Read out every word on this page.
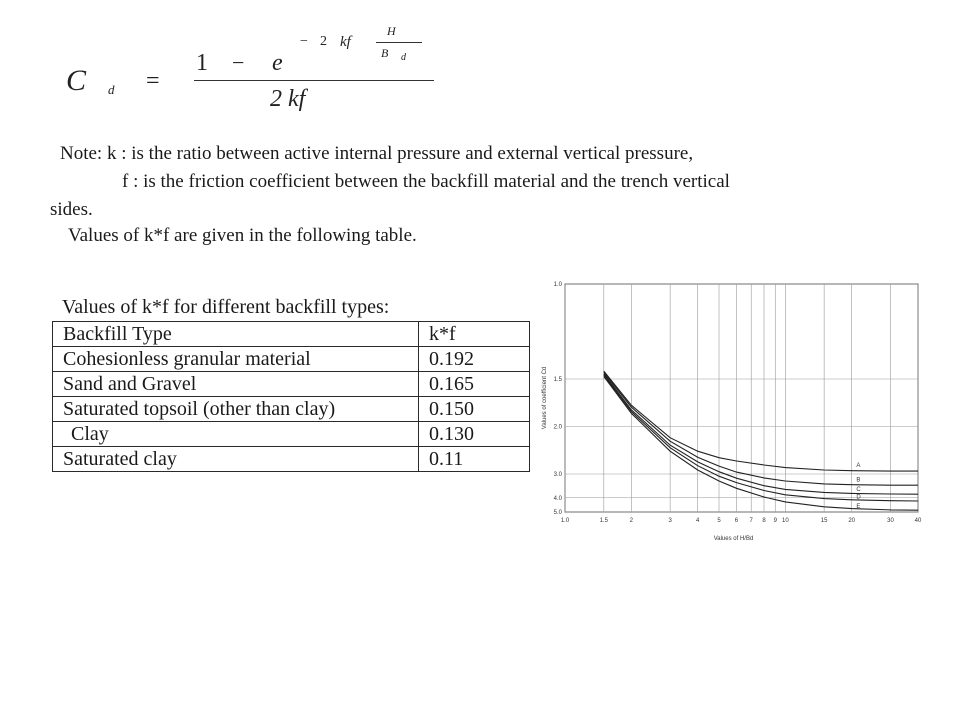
C d =
1 − e
− 2 kf
H
B d
2 kf
Note: k : is the ratio between active internal pressure and external vertical pressure,
f : is the friction coefficient between the backfill material and the trench vertical
sides.
Values of k*f are given in the following table.
Values of k*f for different backfill types:
Backfill Type	k*f
Cohesionless granular material	0.192
Sand and Gravel	0.165
Saturated topsoil (other than clay)	0.150
Clay	0.130
Saturated clay	0.11
1.0	1.5	2	3	4	5 6 7 8 9 10	15	20	30	40
1.0
1.5
2.0
3.0
4.0
5.0
Values of H/Bd
Values of coefficient Cd
A
B
C
D
E
